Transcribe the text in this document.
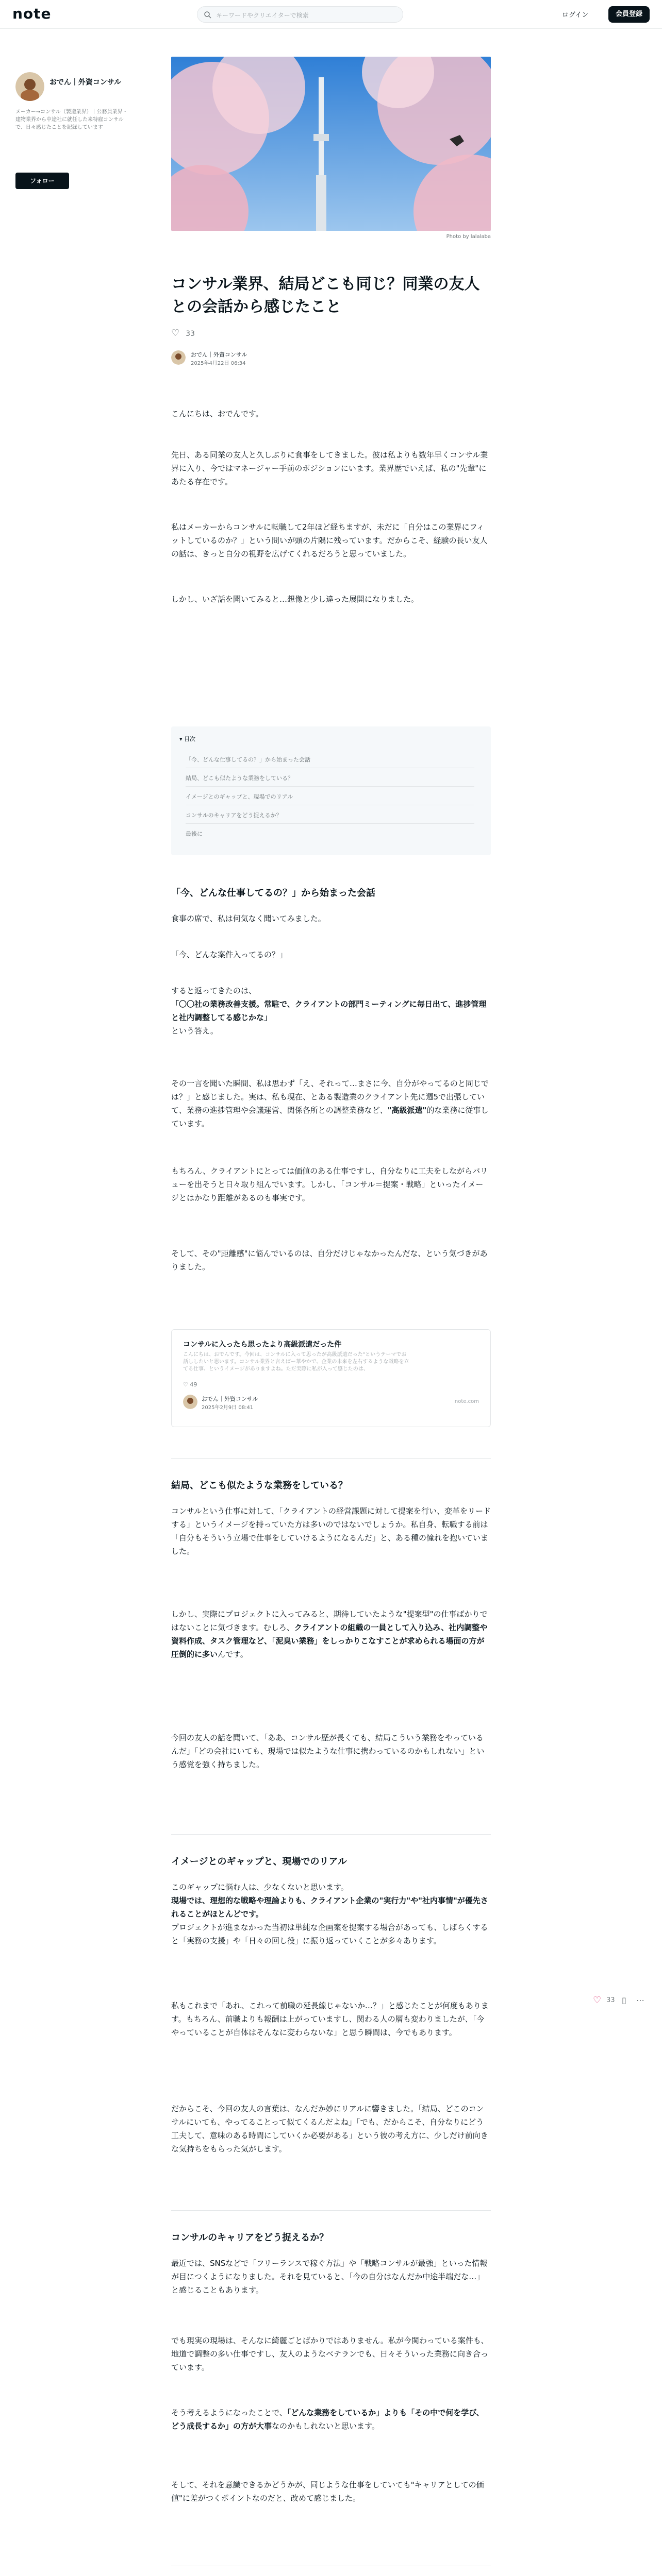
note	キーワードやクリエイターで検索	ログイン	会員登録
おでん｜外資コンサル
メーカー→コンサル（製造業界）｜公務員業界・建物業界から中途社に就任した来特雇コンサルで、日々感じたことを記録しています
フォロー
Photo by lalalaba
コンサル業界、結局どこも同じ？同業の友人との会話から感じたこと
♡ 33
おでん｜外資コンサル
2025年4月22日 06:34
こんにちは、おでんです。
先日、ある同業の友人と久しぶりに食事をしてきました。彼は私よりも数年早くコンサル業界に入り、今ではマネージャー手前のポジションにいます。業界歴でいえば、私の"先輩"にあたる存在です。
私はメーカーからコンサルに転職して2年ほど経ちますが、未だに「自分はこの業界にフィットしているのか？」という問いが頭の片隅に残っています。だからこそ、経験の長い友人の話は、きっと自分の視野を広げてくれるだろうと思っていました。
しかし、いざ話を聞いてみると…想像と少し違った展開になりました。
▾ 目次
「今、どんな仕事してるの？」から始まった会話
結局、どこも似たような業務をしている？
イメージとのギャップと、現場でのリアル
コンサルのキャリアをどう捉えるか？
最後に
「今、どんな仕事してるの？」から始まった会話
食事の席で、私は何気なく聞いてみました。
「今、どんな案件入ってるの？」
すると返ってきたのは、
「〇〇社の業務改善支援。常駐で、クライアントの部門ミーティングに毎日出て、進捗管理と社内調整してる感じかな」
という答え。
その一言を聞いた瞬間、私は思わず「え、それって…まさに今、自分がやってるのと同じでは？」と感じました。実は、私も現在、とある製造業のクライアント先に週5で出張していて、業務の進捗管理や会議運営、関係各所との調整業務など、"高級派遣"的な業務に従事しています。
もちろん、クライアントにとっては価値のある仕事ですし、自分なりに工夫をしながらバリューを出そうと日々取り組んでいます。しかし、「コンサル＝提案・戦略」といったイメージとはかなり距離があるのも事実です。
そして、その"距離感"に悩んでいるのは、自分だけじゃなかったんだな、という気づきがありました。
コンサルに入ったら思ったより高級派遣だった件
こんにちは、おでんです。今回は、コンサルに入って思ったが高級派遣だった"というテーマでお話ししたいと思います。コンサル業界と言えばー華やかで、企業の未来を左右するような戦略を立てる仕事、というイメージがありますよね。ただ実際に私が入って感じたのは、
♡ 49
おでん｜外資コンサル
2025年2月9日 08:41
note.com
結局、どこも似たような業務をしている？
コンサルという仕事に対して、「クライアントの経営課題に対して提案を行い、変革をリードする」というイメージを持っていた方は多いのではないでしょうか。私自身、転職する前は「自分もそういう立場で仕事をしていけるようになるんだ」と、ある種の憧れを抱いていました。
しかし、実際にプロジェクトに入ってみると、期待していたような"提案型"の仕事ばかりではないことに気づきます。むしろ、クライアントの組織の一員として入り込み、社内調整や資料作成、タスク管理など、「泥臭い業務」をしっかりこなすことが求められる場面の方が圧倒的に多いんです。
今回の友人の話を聞いて、「ああ、コンサル歴が長くても、結局こういう業務をやっているんだ」「どの会社にいても、現場では似たような仕事に携わっているのかもしれない」という感覚を強く持ちました。
イメージとのギャップと、現場でのリアル
このギャップに悩む人は、少なくないと思います。
現場では、理想的な戦略や理論よりも、クライアント企業の"実行力"や"社内事情"が優先されることがほとんどです。
プロジェクトが進まなかった当初は単純な企画案を提案する場合があっても、しばらくすると「実務の支援」や「日々の回し役」に振り返っていくことが多々あります。
私もこれまで「あれ、これって前職の延長線じゃないか…？」と感じたことが何度もあります。もちろん、前職よりも報酬は上がっていますし、関わる人の層も変わりましたが、「今やっていることが自体はそんなに変わらないな」と思う瞬間は、今でもあります。
だからこそ、今回の友人の言葉は、なんだか妙にリアルに響きました。「結局、どこのコンサルにいても、やってることって似てくるんだよね」「でも、だからこそ、自分なりにどう工夫して、意味のある時間にしていくか必要がある」という彼の考え方に、少しだけ前向きな気持ちをもらった気がします。
コンサルのキャリアをどう捉えるか？
最近では、SNSなどで「フリーランスで稼ぐ方法」や「戦略コンサルが最強」といった情報が目につくようになりました。それを見ていると、「今の自分はなんだか中途半端だな…」と感じることもあります。
でも現実の現場は、そんなに綺麗ごとばかりではありません。私が今関わっている案件も、地道で調整の多い仕事ですし、友人のようなベテランでも、日々そういった業務に向き合っています。
そう考えるようになったことで、「どんな業務をしているか」よりも「その中で何を学び、どう成長するか」の方が大事なのかもしれないと思います。
そして、それを意識できるかどうかが、同じような仕事をしていても"キャリアとしての価値"に差がつくポイントなのだと、改めて感じました。

♡ 33 ▯ ⋯
